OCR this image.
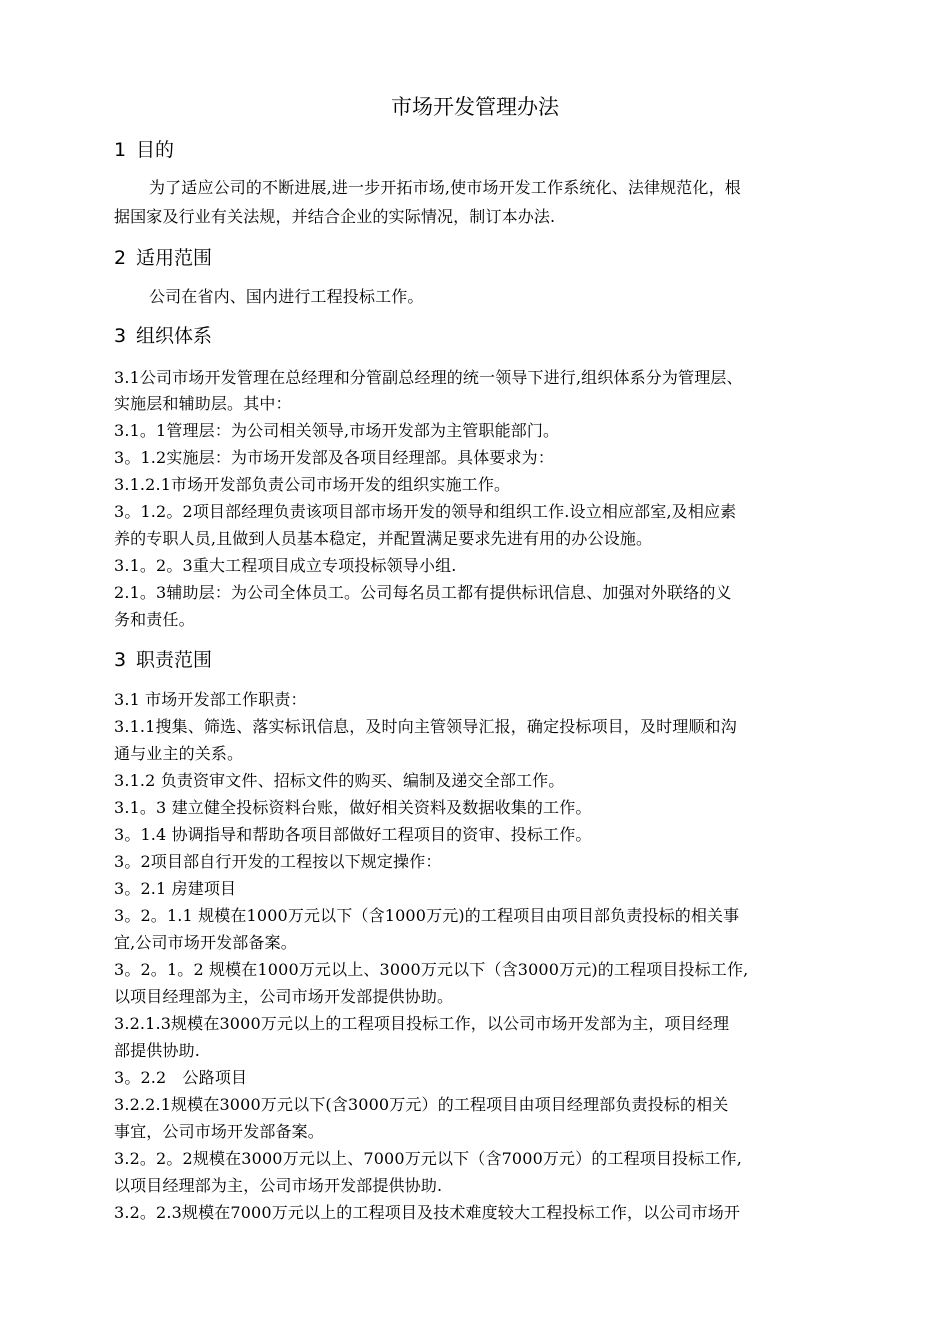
市场开发管理办法
1 目的
为了适应公司的不断进展,进一步开拓市场,使市场开发工作系统化、法律规范化，根
据国家及行业有关法规，并结合企业的实际情况，制订本办法.
2 适用范围
公司在省内、国内进行工程投标工作。
3 组织体系
3.1公司市场开发管理在总经理和分管副总经理的统一领导下进行,组织体系分为管理层、
实施层和辅助层。其中：
3.1。1管理层：为公司相关领导,市场开发部为主管职能部门。
3。1.2实施层：为市场开发部及各项目经理部。具体要求为：
3.1.2.1市场开发部负责公司市场开发的组织实施工作。
3。1.2。2项目部经理负责该项目部市场开发的领导和组织工作.设立相应部室,及相应素
养的专职人员,且做到人员基本稳定，并配置满足要求先进有用的办公设施。
3.1。2。3重大工程项目成立专项投标领导小组.
2.1。3辅助层：为公司全体员工。公司每名员工都有提供标讯信息、加强对外联络的义
务和责任。
3 职责范围
3.1 市场开发部工作职责：
3.1.1搜集、筛选、落实标讯信息，及时向主管领导汇报，确定投标项目，及时理顺和沟
通与业主的关系。
3.1.2 负责资审文件、招标文件的购买、编制及递交全部工作。
3.1。3 建立健全投标资料台账，做好相关资料及数据收集的工作。
3。1.4 协调指导和帮助各项目部做好工程项目的资审、投标工作。
3。2项目部自行开发的工程按以下规定操作：
3。2.1 房建项目
3。2。1.1 规模在1000万元以下（含1000万元)的工程项目由项目部负责投标的相关事
宜,公司市场开发部备案。
3。2。1。2 规模在1000万元以上、3000万元以下（含3000万元)的工程项目投标工作,
以项目经理部为主，公司市场开发部提供协助。
3.2.1.3规模在3000万元以上的工程项目投标工作，以公司市场开发部为主，项目经理
部提供协助.
3。2.2　公路项目
3.2.2.1规模在3000万元以下(含3000万元）的工程项目由项目经理部负责投标的相关
事宜，公司市场开发部备案。
3.2。2。2规模在3000万元以上、7000万元以下（含7000万元）的工程项目投标工作,
以项目经理部为主，公司市场开发部提供协助.
3.2。2.3规模在7000万元以上的工程项目及技术难度较大工程投标工作，以公司市场开
